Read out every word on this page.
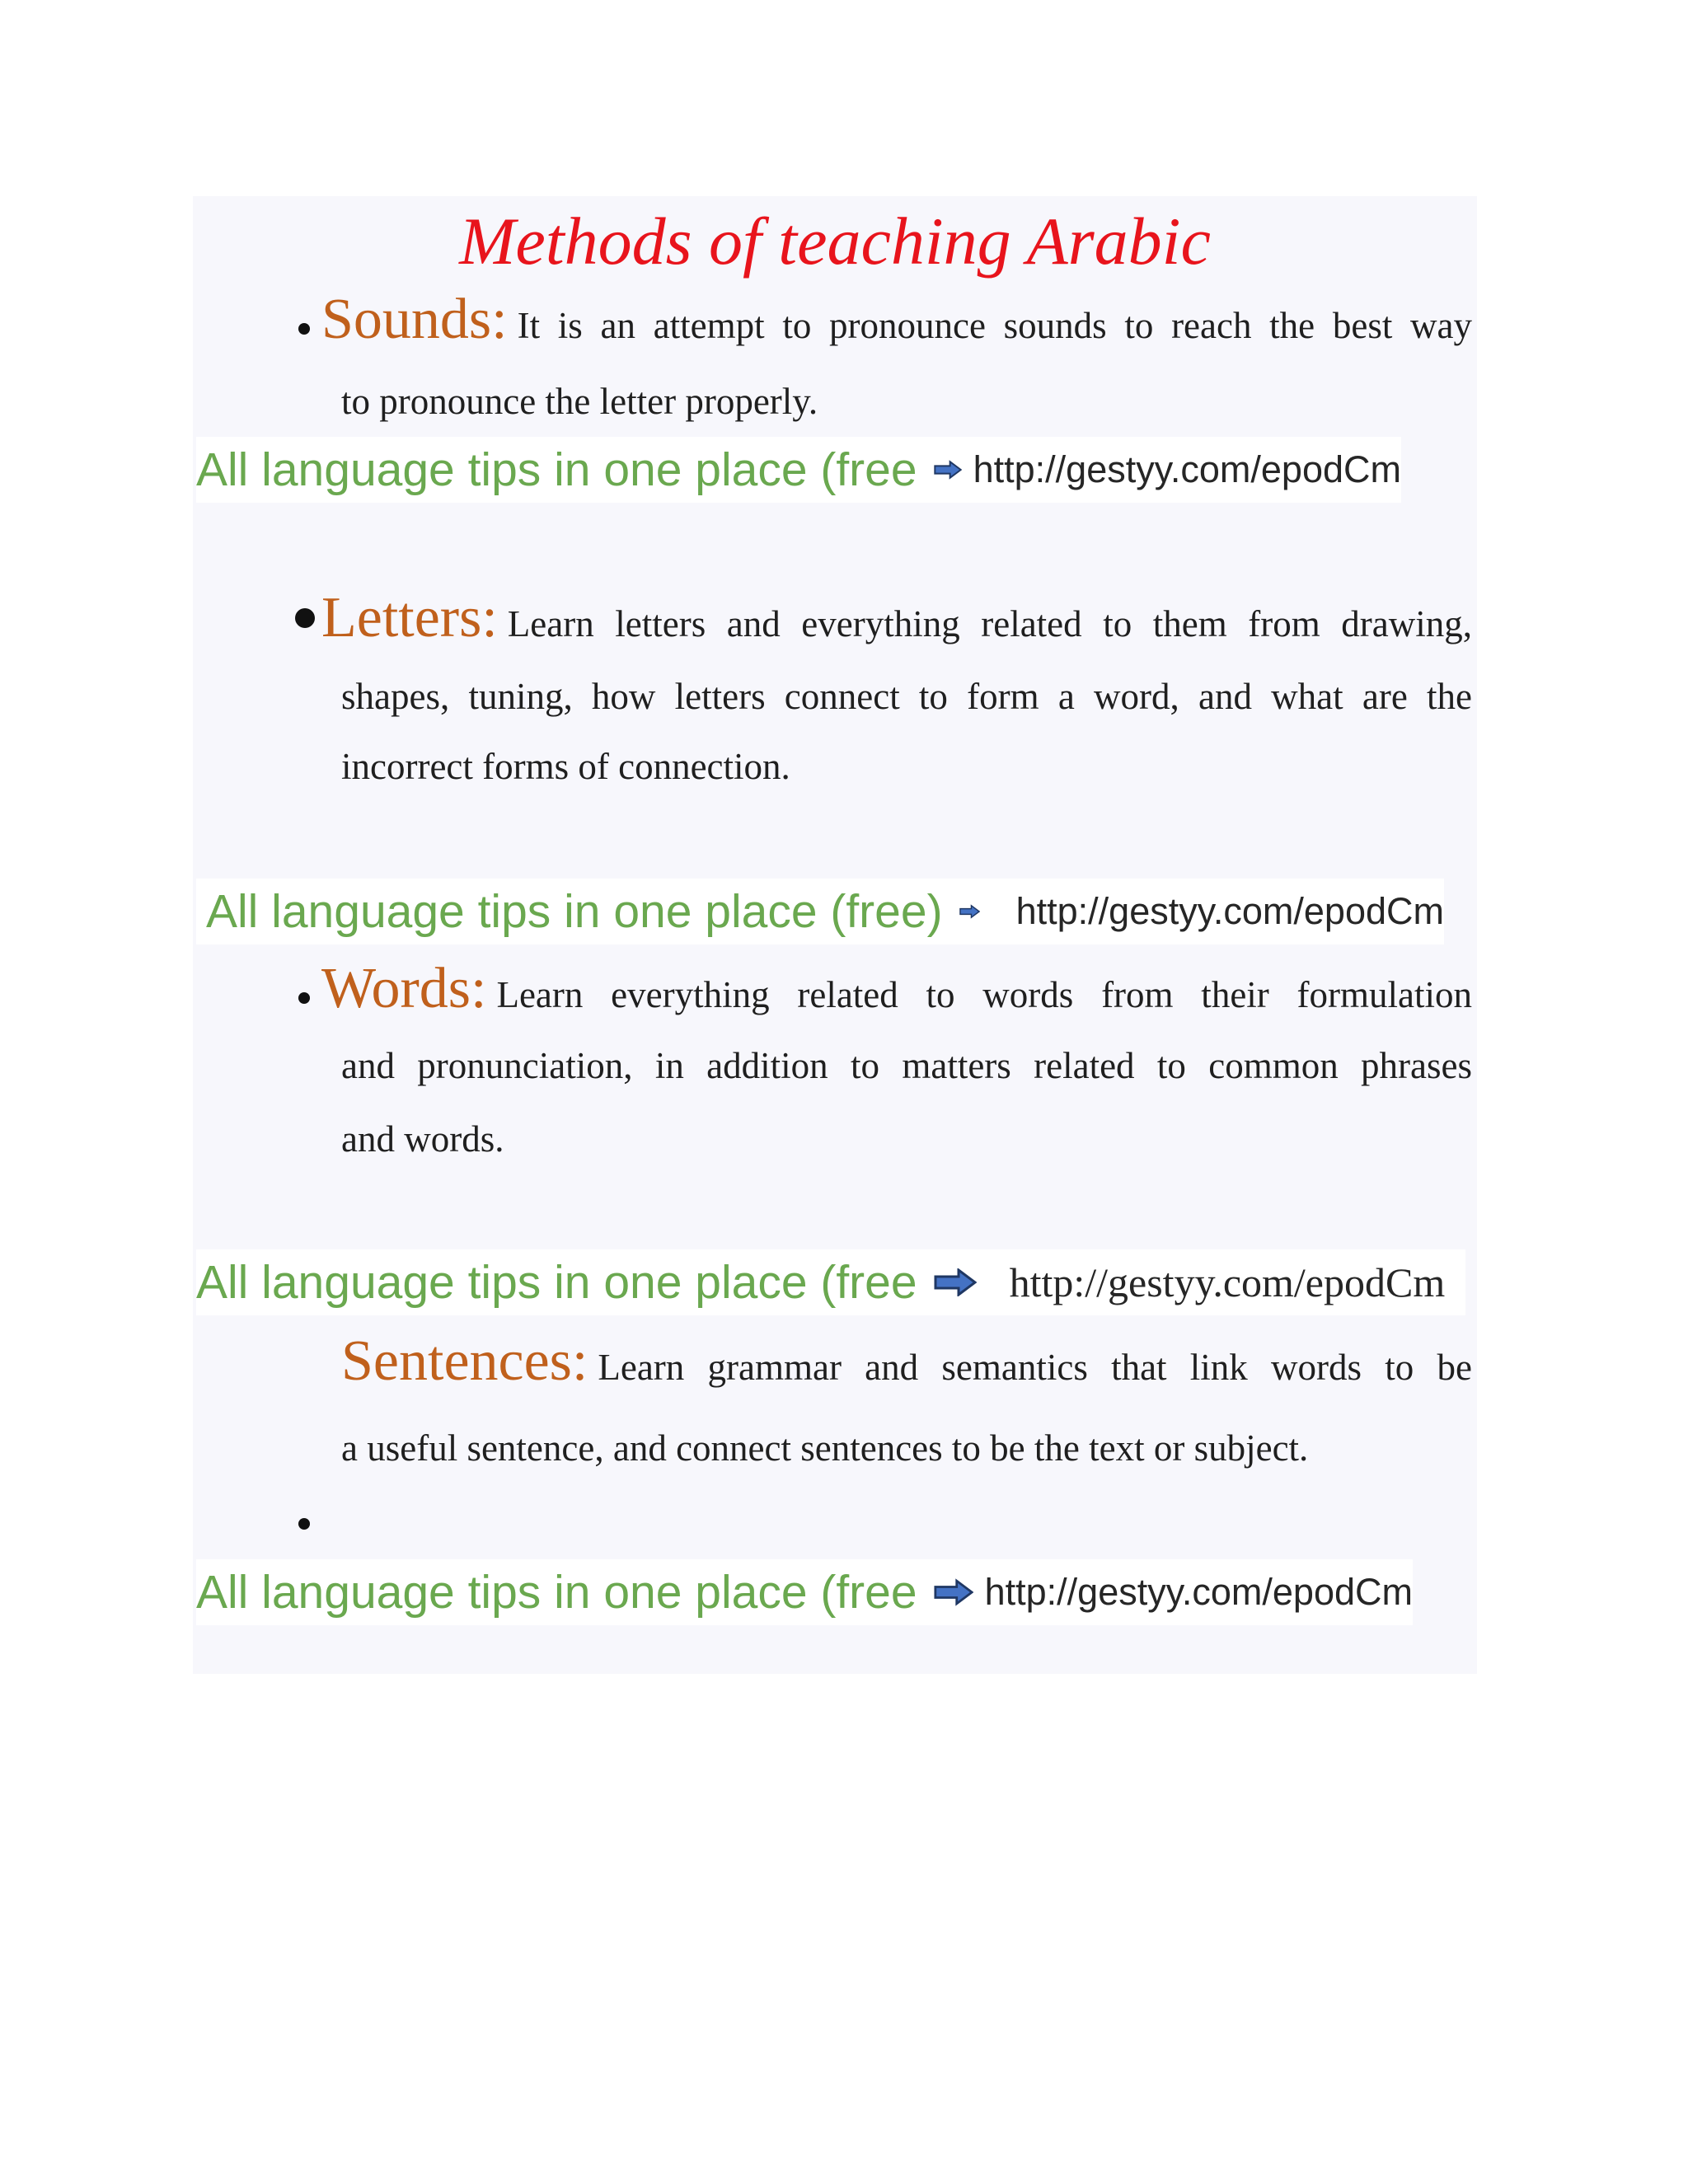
Methods of teaching Arabic
Sounds: It is an attempt to pronounce sounds to reach the best way
to pronounce the letter properly.
All language tips in one place (free http://gestyy.com/epodCm
Letters: Learn letters and everything related to them from drawing,
shapes, tuning, how letters connect to form a word, and what are the
incorrect forms of connection.
All language tips in one place (free) http://gestyy.com/epodCm
Words: Learn everything related to words from their formulation
and pronunciation, in addition to matters related to common phrases
and words.
All language tips in one place (free http://gestyy.com/epodCm
Sentences: Learn grammar and semantics that link words to be
a useful sentence, and connect sentences to be the text or subject.
All language tips in one place (free http://gestyy.com/epodCm
